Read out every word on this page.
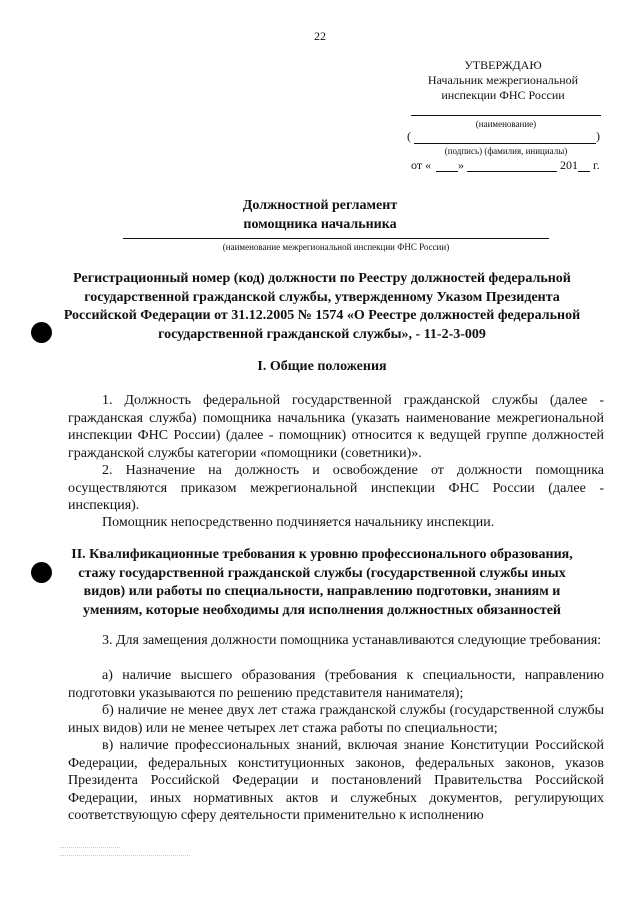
22
УТВЕРЖДАЮ
Начальник межрегиональной
инспекции ФНС России
(наименование)
(	)
(подпись) (фамилия, инициалы)
от « »	201 г.
Должностной регламент
помощника начальника
(наименование межрегиональной инспекции ФНС России)
Регистрационный номер (код) должности по Реестру должностей федеральной государственной гражданской службы, утвержденному Указом Президента Российской Федерации от 31.12.2005 № 1574 «О Реестре должностей федеральной государственной гражданской службы», - 11-2-3-009
I. Общие положения
1. Должность федеральной государственной гражданской службы (далее - гражданская служба) помощника начальника (указать наименование межрегиональной инспекции ФНС России) (далее - помощник) относится к ведущей группе должностей гражданской службы категории «помощники (советники)».
2. Назначение на должность и освобождение от должности помощника осуществляются приказом межрегиональной инспекции ФНС России (далее - инспекция).
Помощник непосредственно подчиняется начальнику инспекции.
II. Квалификационные требования к уровню профессионального образования, стажу государственной гражданской службы (государственной службы иных видов) или работы по специальности, направлению подготовки, знаниям и умениям, которые необходимы для исполнения должностных обязанностей
3. Для замещения должности помощника устанавливаются следующие требования:
а) наличие высшего образования (требования к специальности, направлению подготовки указываются по решению представителя нанимателя);
б) наличие не менее двух лет стажа гражданской службы (государственной службы иных видов) или не менее четырех лет стажа работы по специальности;
в) наличие профессиональных знаний, включая знание Конституции Российской Федерации, федеральных конституционных законов, федеральных законов, указов Президента Российской Федерации и постановлений Правительства Российской Федерации, иных нормативных актов и служебных документов, регулирующих соответствующую сферу деятельности применительно к исполнению
